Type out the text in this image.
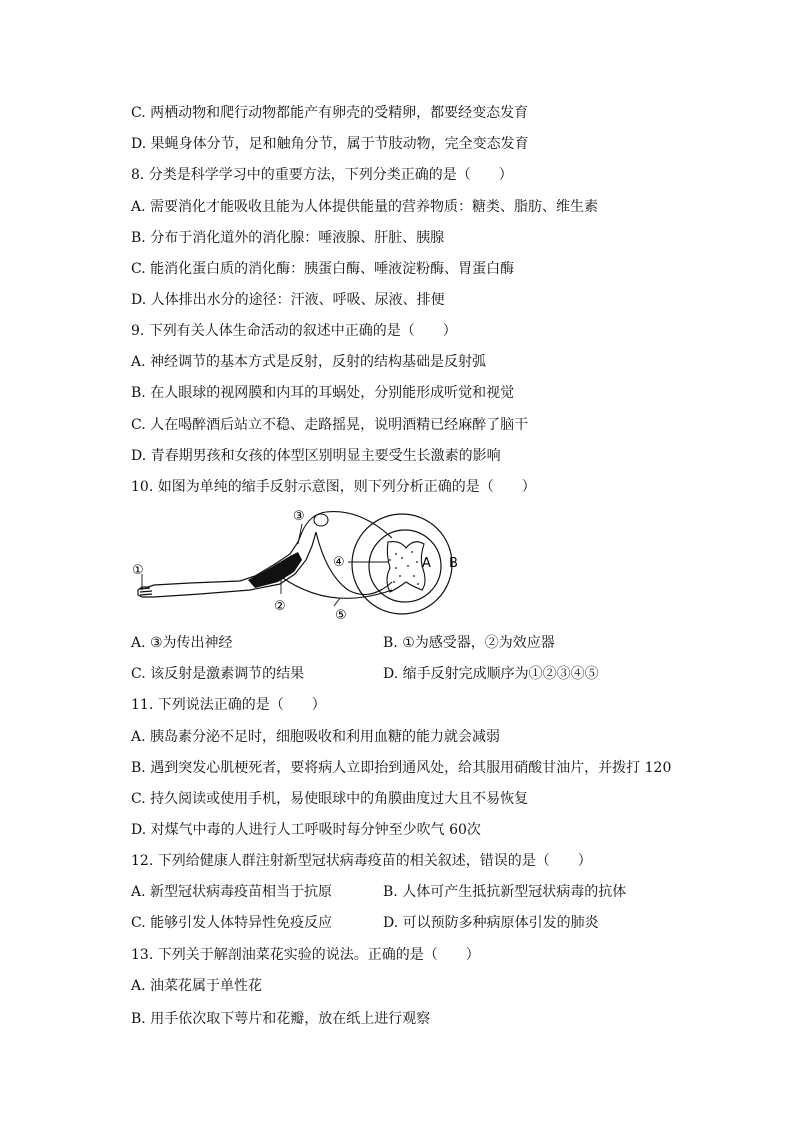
C. 两栖动物和爬行动物都能产有卵壳的受精卵，都要经变态发育
D. 果蝇身体分节，足和触角分节，属于节肢动物，完全变态发育
8. 分类是科学学习中的重要方法，下列分类正确的是（　　）
A. 需要消化才能吸收且能为人体提供能量的营养物质：糖类、脂肪、维生素
B. 分布于消化道外的消化腺：唾液腺、肝脏、胰腺
C. 能消化蛋白质的消化酶：胰蛋白酶、唾液淀粉酶、胃蛋白酶
D. 人体排出水分的途径：汗液、呼吸、尿液、排便
9. 下列有关人体生命活动的叙述中正确的是（　　）
A. 神经调节的基本方式是反射，反射的结构基础是反射弧
B. 在人眼球的视网膜和内耳的耳蜗处，分别能形成听觉和视觉
C. 人在喝醉酒后站立不稳、走路摇晃，说明酒精已经麻醉了脑干
D. 青春期男孩和女孩的体型区别明显主要受生长激素的影响
10. 如图为单纯的缩手反射示意图，则下列分析正确的是（　　）
①
②
③
④
⑤
A B
A. ③为传出神经	B. ①为感受器，②为效应器
C. 该反射是激素调节的结果	D. 缩手反射完成顺序为①②③④⑤
11. 下列说法正确的是（　　）
A. 胰岛素分泌不足时，细胞吸收和利用血糖的能力就会减弱
B. 遇到突发心肌梗死者，要将病人立即抬到通风处，给其服用硝酸甘油片，并拨打 120
C. 持久阅读或使用手机，易使眼球中的角膜曲度过大且不易恢复
D. 对煤气中毒的人进行人工呼吸时每分钟至少吹气 60次
12. 下列给健康人群注射新型冠状病毒疫苗的相关叙述，错误的是（　　）
A. 新型冠状病毒疫苗相当于抗原	B. 人体可产生抵抗新型冠状病毒的抗体
C. 能够引发人体特异性免疫反应	D. 可以预防多种病原体引发的肺炎
13. 下列关于解剖油菜花实验的说法。正确的是（　　）
A. 油菜花属于单性花
B. 用手依次取下萼片和花瓣，放在纸上进行观察
